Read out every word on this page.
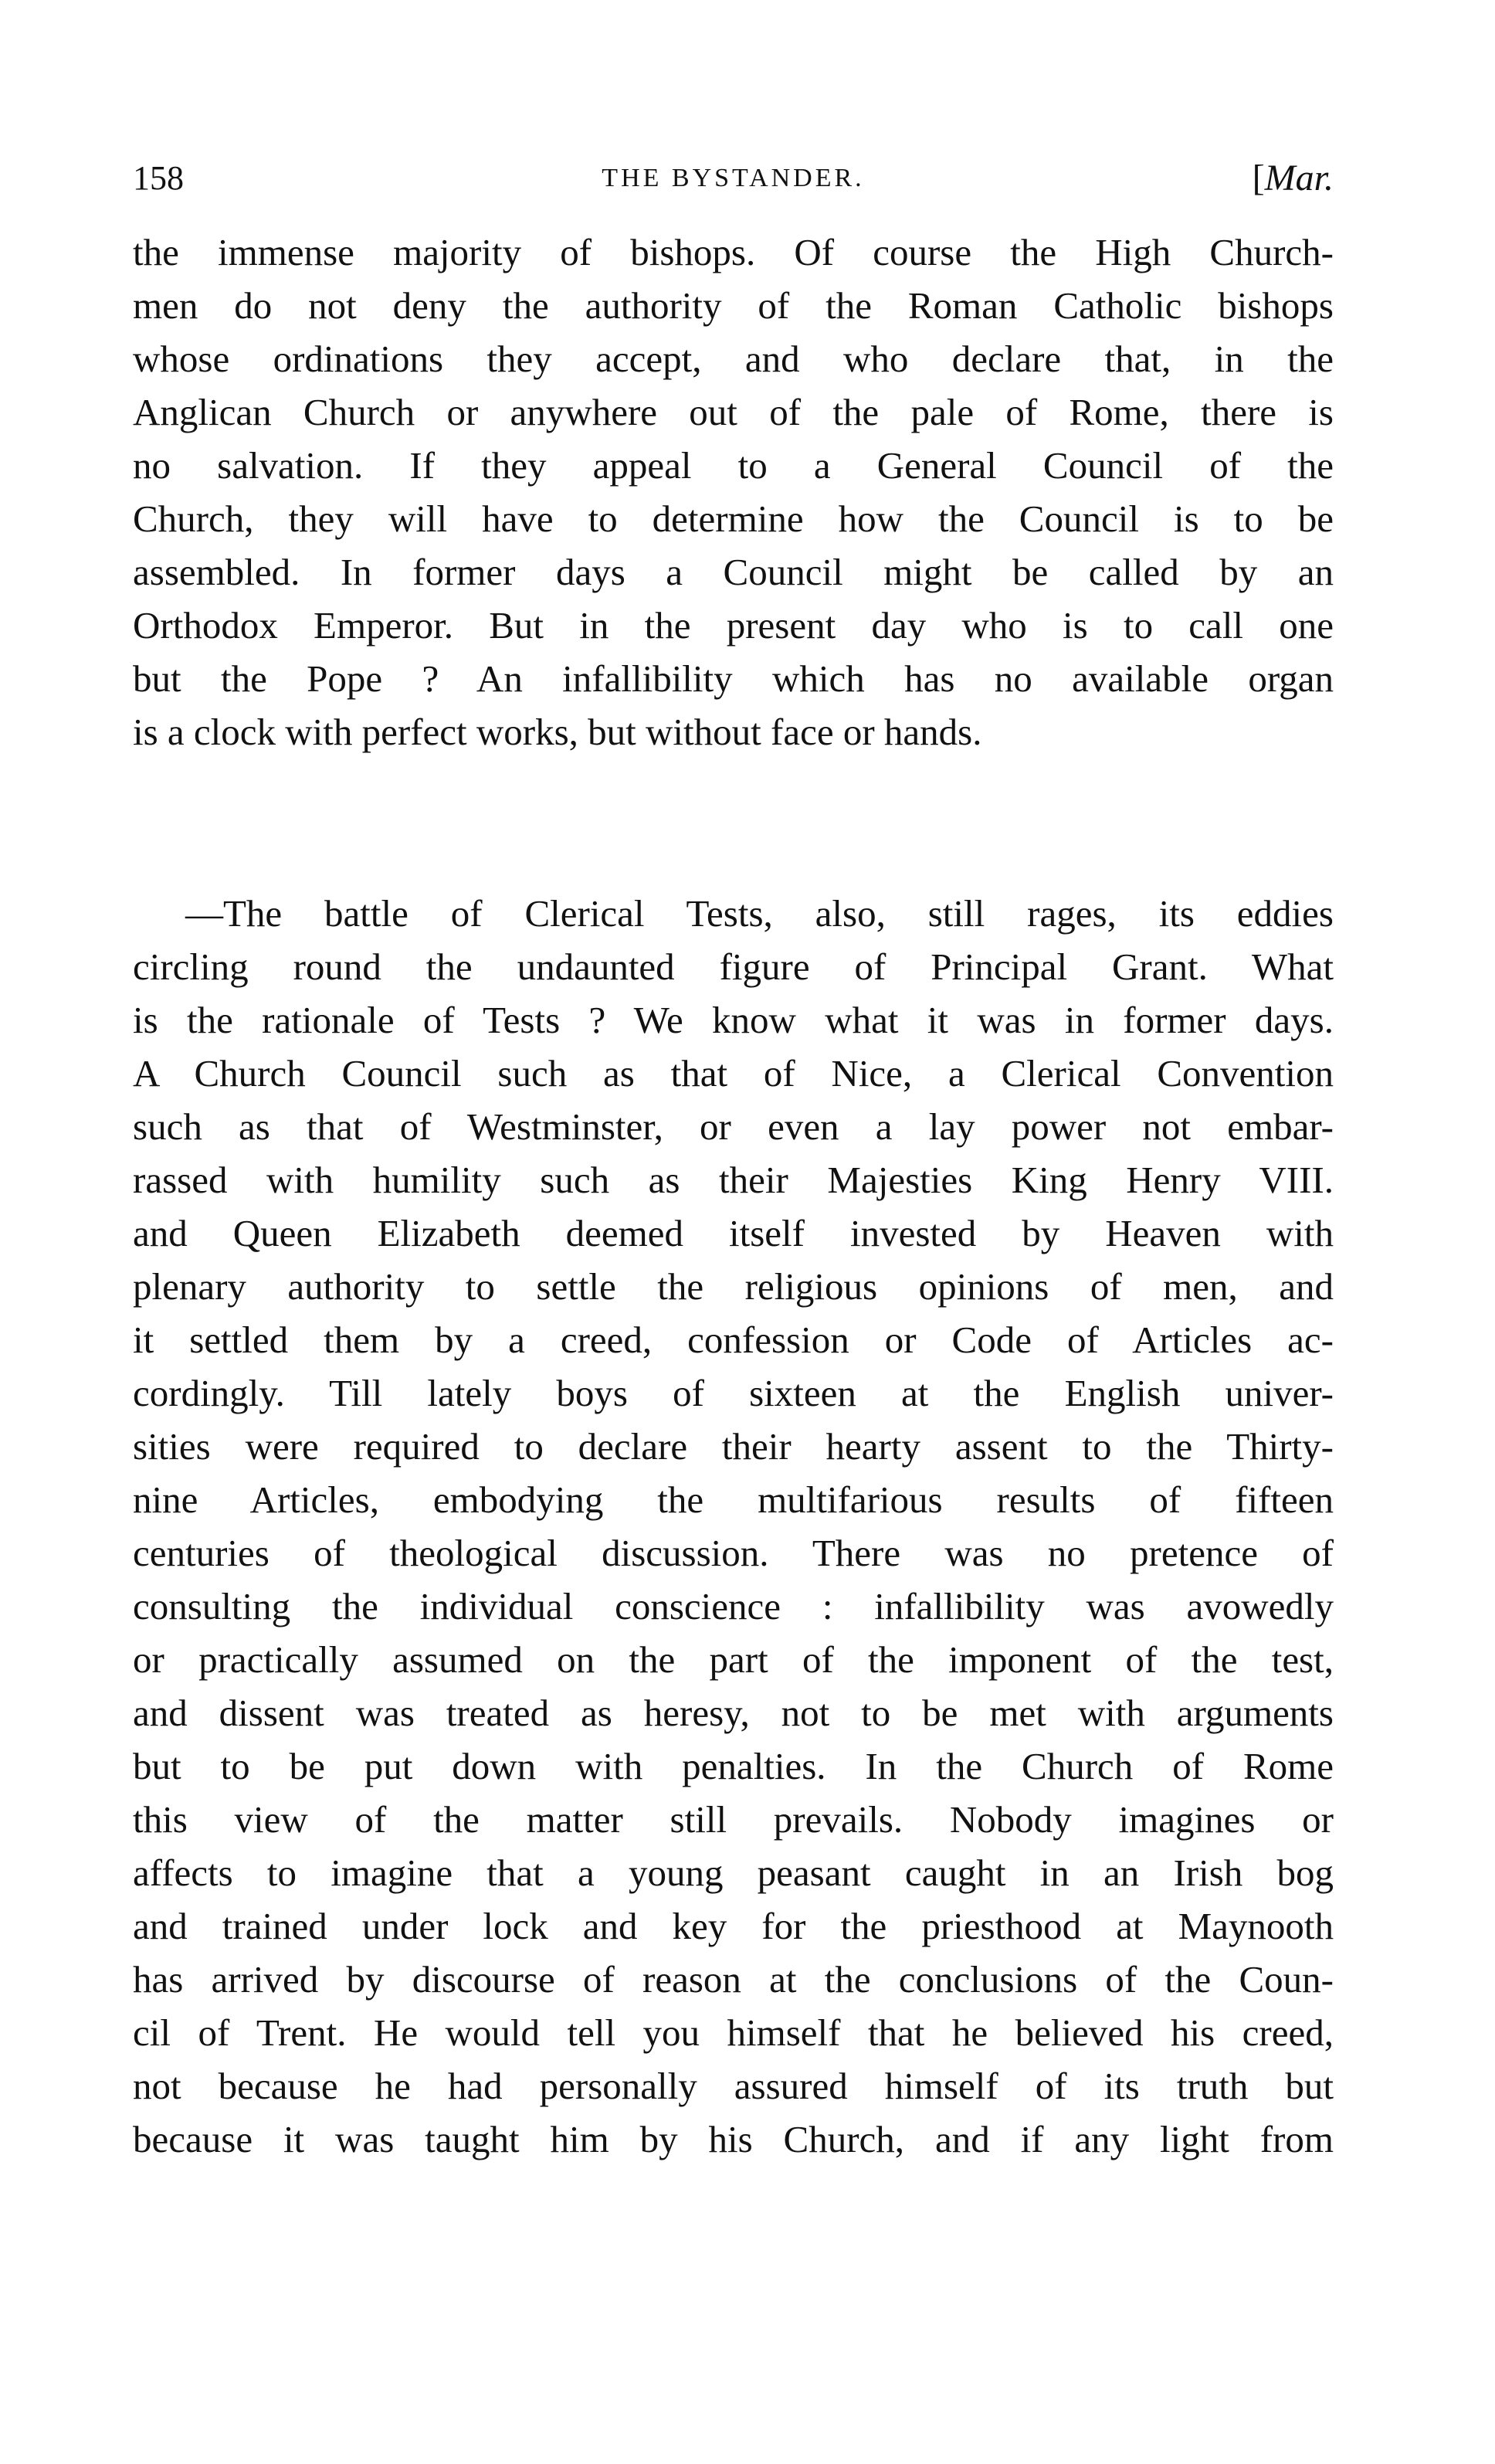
158	THE BYSTANDER.	[Mar.
the immense majority of bishops. Of course the High Church-
men do not deny the authority of the Roman Catholic bishops
whose ordinations they accept, and who declare that, in the
Anglican Church or anywhere out of the pale of Rome, there is
no salvation. If they appeal to a General Council of the
Church, they will have to determine how the Council is to be
assembled. In former days a Council might be called by an
Orthodox Emperor. But in the present day who is to call one
but the Pope ? An infallibility which has no available organ
is a clock with perfect works, but without face or hands.
—The battle of Clerical Tests, also, still rages, its eddies
circling round the undaunted figure of Principal Grant. What
is the rationale of Tests ? We know what it was in former days.
A Church Council such as that of Nice, a Clerical Convention
such as that of Westminster, or even a lay power not embar-
rassed with humility such as their Majesties King Henry VIII.
and Queen Elizabeth deemed itself invested by Heaven with
plenary authority to settle the religious opinions of men, and
it settled them by a creed, confession or Code of Articles ac-
cordingly. Till lately boys of sixteen at the English univer-
sities were required to declare their hearty assent to the Thirty-
nine Articles, embodying the multifarious results of fifteen
centuries of theological discussion. There was no pretence of
consulting the individual conscience : infallibility was avowedly
or practically assumed on the part of the imponent of the test,
and dissent was treated as heresy, not to be met with arguments
but to be put down with penalties. In the Church of Rome
this view of the matter still prevails. Nobody imagines or
affects to imagine that a young peasant caught in an Irish bog
and trained under lock and key for the priesthood at Maynooth
has arrived by discourse of reason at the conclusions of the Coun-
cil of Trent. He would tell you himself that he believed his creed,
not because he had personally assured himself of its truth but
because it was taught him by his Church, and if any light from
